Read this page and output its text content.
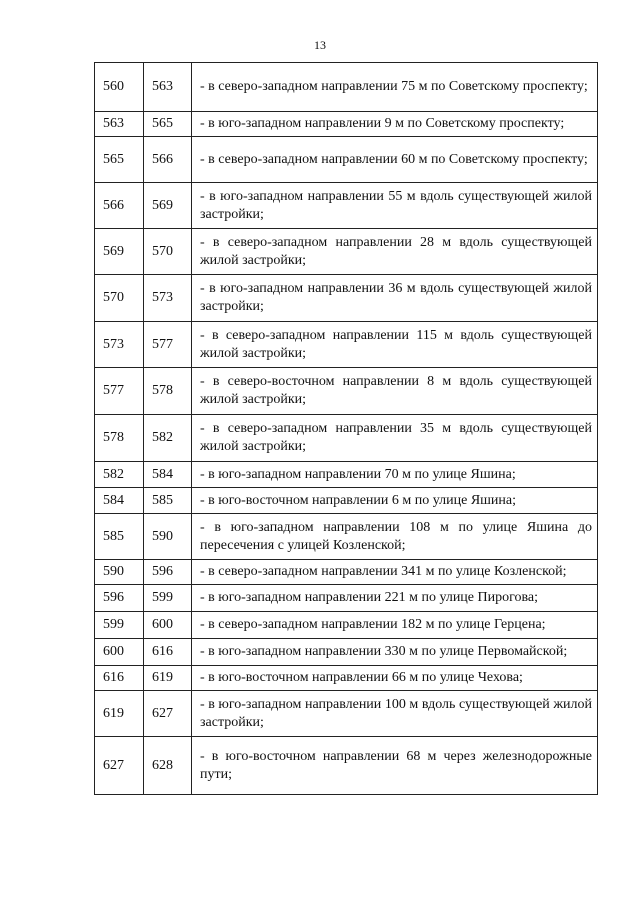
13
560	563	- в северо-западном направлении 75 м по Советскому проспекту;
563	565	- в юго-западном направлении 9 м по Советскому проспекту;
565	566	- в северо-западном направлении 60 м по Советскому проспекту;
566	569	- в юго-западном направлении 55 м вдоль существующей жилой застройки;
569	570	- в северо-западном направлении 28 м вдоль существующей жилой застройки;
570	573	- в юго-западном направлении 36 м вдоль существующей жилой застройки;
573	577	- в северо-западном направлении 115 м вдоль существующей жилой застройки;
577	578	- в северо-восточном направлении 8 м вдоль существующей жилой застройки;
578	582	- в северо-западном направлении 35 м вдоль существующей жилой застройки;
582	584	- в юго-западном направлении 70 м по улице Яшина;
584	585	- в юго-восточном направлении 6 м по улице Яшина;
585	590	- в юго-западном направлении 108 м по улице Яшина до пересечения с улицей Козленской;
590	596	- в северо-западном направлении 341 м по улице Козленской;
596	599	- в юго-западном направлении 221 м по улице Пирогова;
599	600	- в северо-западном направлении 182 м по улице Герцена;
600	616	- в юго-западном направлении 330 м по улице Первомайской;
616	619	- в юго-восточном направлении 66 м по улице Чехова;
619	627	- в юго-западном направлении 100 м вдоль существующей жилой застройки;
627	628	- в юго-восточном направлении 68 м через железнодорожные пути;
